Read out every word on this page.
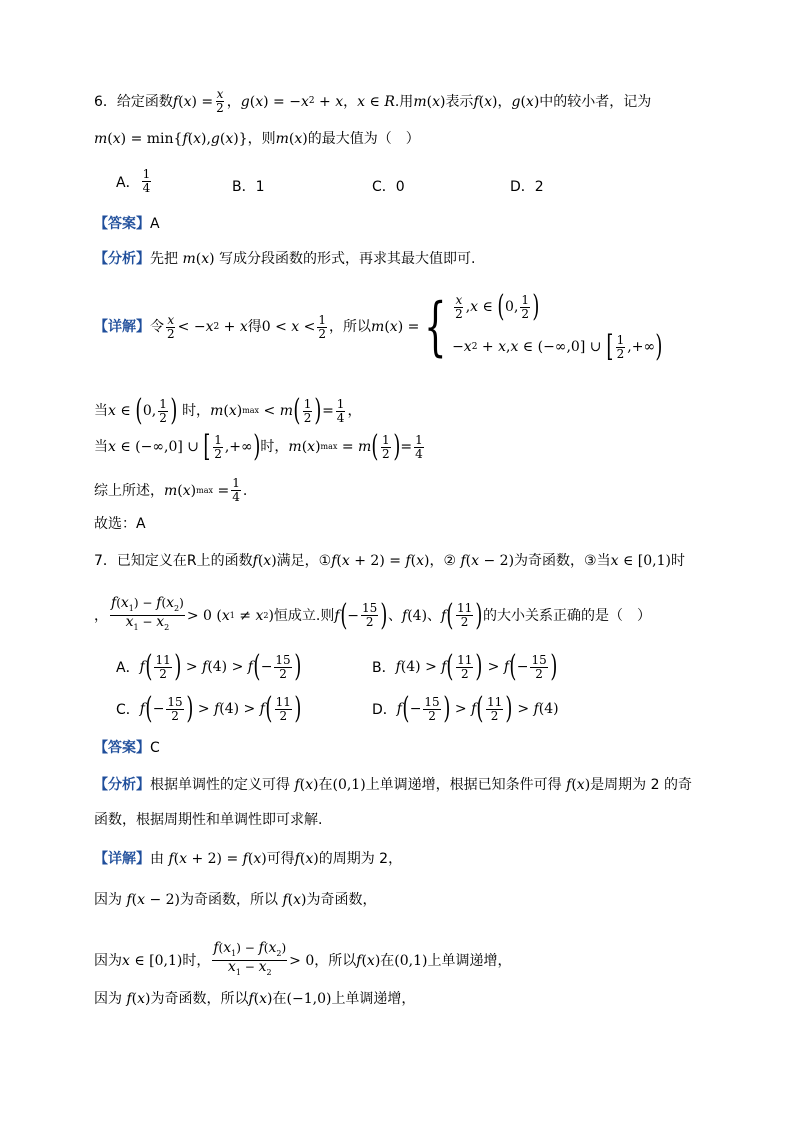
6．给定函数 f ( x ) = $\frac{x}{2}$ ， g ( x ) = − x 2 + x ， x ∈ R .用 m ( x ) 表示 f ( x ) ， g ( x ) 中的较小者，记为
m ( x ) = min{ f ( x ), g ( x )} ，则 m ( x ) 的最大值为（　）
A． $\frac{1}{4}$	B．1	C．0	D．2
【答案】 A
【分析】 先把 m ( x ) 写成分段函数的形式，再求其最大值即可.
【详解】 令 $\frac{x}{2}$ < − x 2 + x 得 $0 < x < \frac{1}{2}$ ，所以 m ( x ) = { $\frac{x}{2}$ , x ∈ ( 0, $\frac{1}{2}$ )
− x 2 + x , x ∈ (−∞,0] ∪ [ $\frac{1}{2}$ ,+∞ )
当 x ∈ ( 0, $\frac{1}{2}$ )
时， m ( x ) max < m ( $\frac{1}{2}$ ) = $\frac{1}{4}$ ，
当 x ∈ (−∞,0] ∪ [ $\frac{1}{2}$ ,+∞ ) 时， m ( x ) max = m ( $\frac{1}{2}$ ) = $\frac{1}{4}$
综上所述， m ( x ) $\max = \frac{1}{4}$ .
故选：A
7．已知定义在R上的函数 f ( x ) 满足，① f ( x + 2) = f ( x ) ，② f ( x − 2) 为奇函数，③当 x ∈ [0,1) 时
， $\frac{f(x_1) - f(x_2)}{x_1 - x_2} > 0$ ( x 1 ≠ x 2 ) 恒成立.则 f ( − $\frac{15}{2}$ ) 、 f (4) 、 f ( $\frac{11}{2}$ ) 的大小关系正确的是（　）
A． f ( $\frac{11}{2}$ ) > f (4) > f ( − $\frac{15}{2}$ )	B． f (4) > f ( $\frac{11}{2}$ ) > f ( − $\frac{15}{2}$ )
C． f ( − $\frac{15}{2}$ ) > f (4) > f ( $\frac{11}{2}$ )	D． f ( − $\frac{15}{2}$ ) > f ( $\frac{11}{2}$ ) > f (4)
【答案】 C
【分析】 根据单调性的定义可得 f ( x ) 在 (0,1) 上单调递增，根据已知条件可得 f ( x ) 是周期为 2 的奇
函数，根据周期性和单调性即可求解.
【详解】 由 f ( x + 2) = f ( x ) 可得 f ( x ) 的周期为 2，
因为 f ( x − 2) 为奇函数，所以 f ( x ) 为奇函数，
因为 x ∈ [0,1) 时， $\frac{f(x_1) - f(x_2)}{x_1 - x_2} > 0$ ，所以 f ( x ) 在 (0,1) 上单调递增，
因为 f ( x ) 为奇函数，所以 f ( x ) 在 (−1,0) 上单调递增，
